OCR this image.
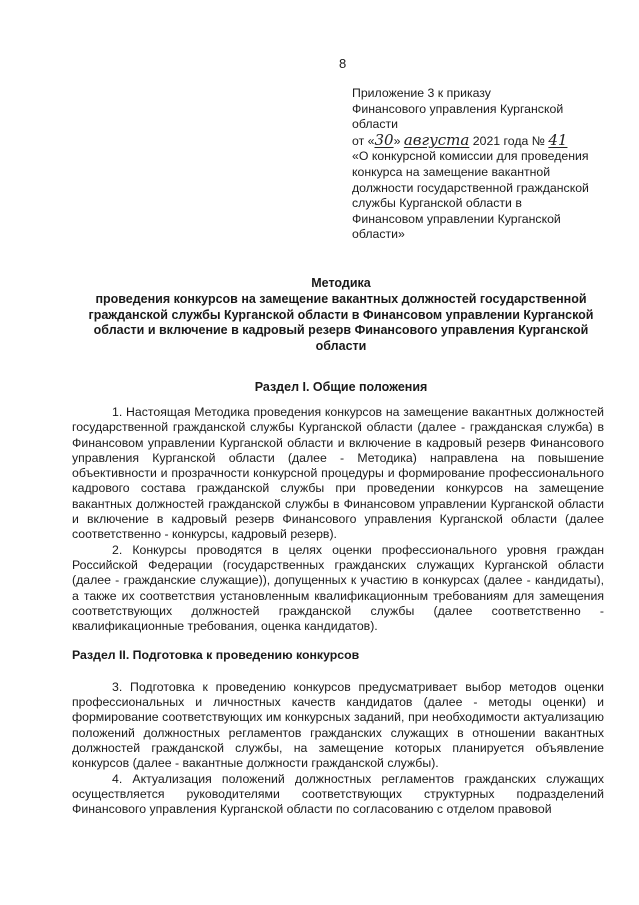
8
Приложение 3 к приказу
Финансового управления Курганской
области
от «30» августа 2021 года № 41
«О конкурсной комиссии для проведения
конкурса на замещение вакантной
должности государственной гражданской
службы Курганской области в
Финансовом управлении Курганской
области»
Методика
проведения конкурсов на замещение вакантных должностей государственной гражданской службы Курганской области в Финансовом управлении Курганской области и включение в кадровый резерв Финансового управления Курганской области
Раздел I. Общие положения

1. Настоящая Методика проведения конкурсов на замещение вакантных должностей государственной гражданской службы Курганской области (далее - гражданская служба) в Финансовом управлении Курганской области и включение в кадровый резерв Финансового управления Курганской области (далее - Методика) направлена на повышение объективности и прозрачности конкурсной процедуры и формирование профессионального кадрового состава гражданской службы при проведении конкурсов на замещение вакантных должностей гражданской службы в Финансовом управлении Курганской области и включение в кадровый резерв Финансового управления Курганской области (далее соответственно - конкурсы, кадровый резерв).

2. Конкурсы проводятся в целях оценки профессионального уровня граждан Российской Федерации (государственных гражданских служащих Курганской области (далее - гражданские служащие)), допущенных к участию в конкурсах (далее - кандидаты), а также их соответствия установленным квалификационным требованиям для замещения соответствующих должностей гражданской службы (далее соответственно - квалификационные требования, оценка кандидатов).

Раздел II. Подготовка к проведению конкурсов

3. Подготовка к проведению конкурсов предусматривает выбор методов оценки профессиональных и личностных качеств кандидатов (далее - методы оценки) и формирование соответствующих им конкурсных заданий, при необходимости актуализацию положений должностных регламентов гражданских служащих в отношении вакантных должностей гражданской службы, на замещение которых планируется объявление конкурсов (далее - вакантные должности гражданской службы).

4. Актуализация положений должностных регламентов гражданских служащих осуществляется руководителями соответствующих структурных подразделений Финансового управления Курганской области по согласованию с отделом правовой
